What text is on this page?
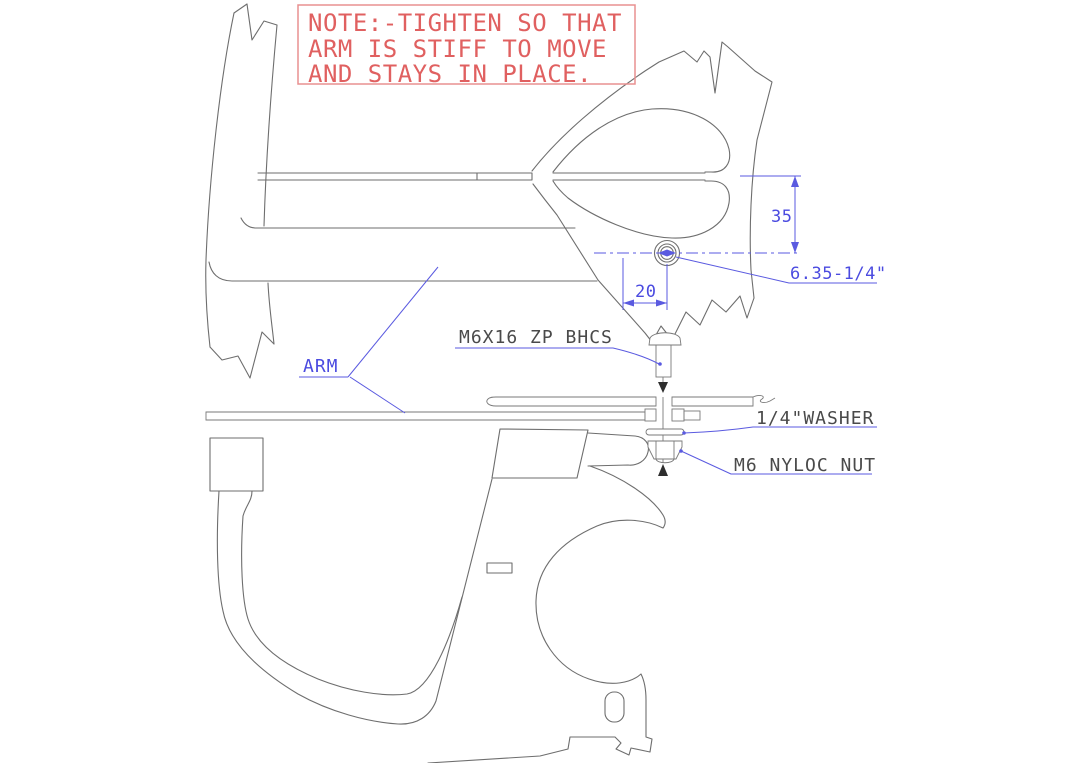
35
20
6.35-1/4"
ARM
M6X16 ZP BHCS
1/4"WASHER
M6 NYLOC NUT
NOTE:-TIGHTEN SO THAT
ARM IS STIFF TO MOVE
AND STAYS IN PLACE.
